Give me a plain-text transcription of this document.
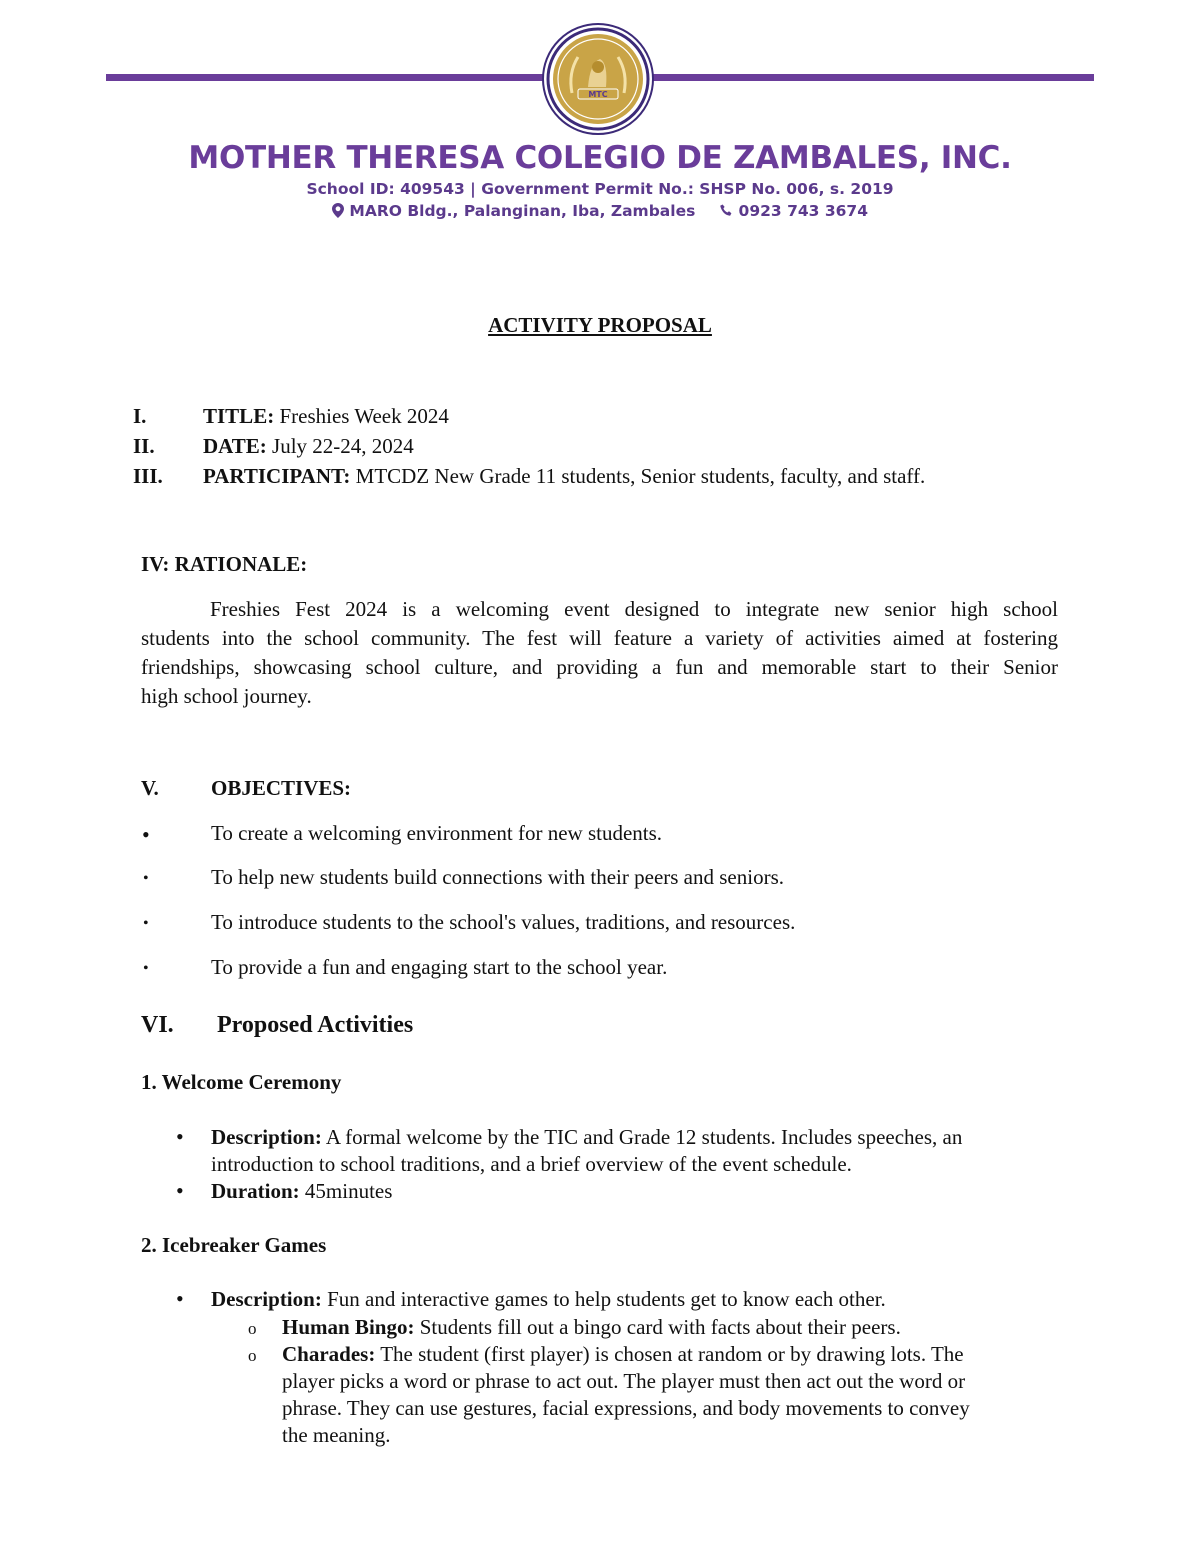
MTC
MOTHER THERESA COLEGIO DE ZAMBALES, INC.
School ID: 409543 | Government Permit No.: SHSP No. 006, s. 2019
MARO Bldg., Palanginan, Iba, Zambales	0923 743 3674
ACTIVITY PROPOSAL
I.	TITLE: Freshies Week 2024
II. DATE: July 22-24, 2024
III. PARTICIPANT: MTCDZ New Grade 11 students, Senior students, faculty, and staff.
IV: RATIONALE:
Freshies Fest 2024 is a welcoming event designed to integrate new senior high school
students into the school community. The fest will feature a variety of activities aimed at fostering
friendships, showcasing school culture, and providing a fun and memorable start to their Senior
high school journey.
V. OBJECTIVES:
•	To create a welcoming environment for new students.
•	To help new students build connections with their peers and seniors.
•	To introduce students to the school's values, traditions, and resources.
•	To provide a fun and engaging start to the school year.
VI. Proposed Activities
1. Welcome Ceremony
• Description: A formal welcome by the TIC and Grade 12 students. Includes speeches, an
introduction to school traditions, and a brief overview of the event schedule.
• Duration: 45minutes
2. Icebreaker Games
• Description: Fun and interactive games to help students get to know each other.
o Human Bingo: Students fill out a bingo card with facts about their peers.
o Charades: The student (first player) is chosen at random or by drawing lots. The
player picks a word or phrase to act out. The player must then act out the word or
phrase. They can use gestures, facial expressions, and body movements to convey
the meaning.
